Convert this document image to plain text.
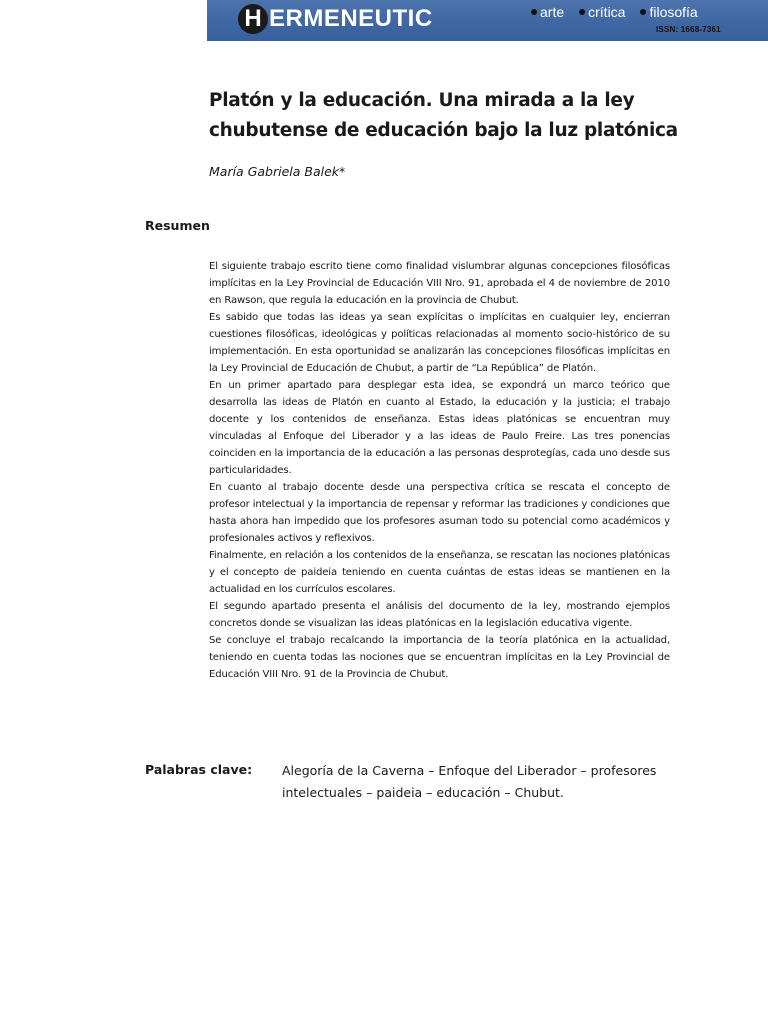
H ERMENEUTIC	arte crítica filosofía
ISSN: 1668-7361
Platón y la educación. Una mirada a la ley chubutense de educación bajo la luz platónica
María Gabriela Balek*
Resumen

El siguiente trabajo escrito tiene como finalidad vislumbrar algunas concepciones filosóficas implícitas en la Ley Provincial de Educación VIII Nro. 91, aprobada el 4 de noviembre de 2010 en Rawson, que regula la educación en la provincia de Chubut.

Es sabido que todas las ideas ya sean explícitas o implícitas en cualquier ley, encierran cuestiones filosóficas, ideológicas y políticas relacionadas al momento socio-histórico de su implementación. En esta oportunidad se analizarán las concepciones filosóficas implícitas en la Ley Provincial de Educación de Chubut, a partir de “La República” de Platón.

En un primer apartado para desplegar esta idea, se expondrá un marco teórico que desarrolla las ideas de Platón en cuanto al Estado, la educación y la justicia; el trabajo docente y los contenidos de enseñanza. Estas ideas platónicas se encuentran muy vinculadas al Enfoque del Liberador y a las ideas de Paulo Freire. Las tres ponencias coinciden en la importancia de la educación a las personas desprotegías, cada uno desde sus particularidades.

En cuanto al trabajo docente desde una perspectiva crítica se rescata el concepto de profesor intelectual y la importancia de repensar y reformar las tradiciones y condiciones que hasta ahora han impedido que los profesores asuman todo su potencial como académicos y profesionales activos y reflexivos.

Finalmente, en relación a los contenidos de la enseñanza, se rescatan las nociones platónicas y el concepto de paideia teniendo en cuenta cuántas de estas ideas se mantienen en la actualidad en los currículos escolares.

El segundo apartado presenta el análisis del documento de la ley, mostrando ejemplos concretos donde se visualizan las ideas platónicas en la legislación educativa vigente.

Se concluye el trabajo recalcando la importancia de la teoría platónica en la actualidad, teniendo en cuenta todas las nociones que se encuentran implícitas en la Ley Provincial de Educación VIII Nro. 91 de la Provincia de Chubut.

Palabras clave: Alegoría de la Caverna – Enfoque del Liberador – profesores intelectuales – paideia – educación – Chubut.
